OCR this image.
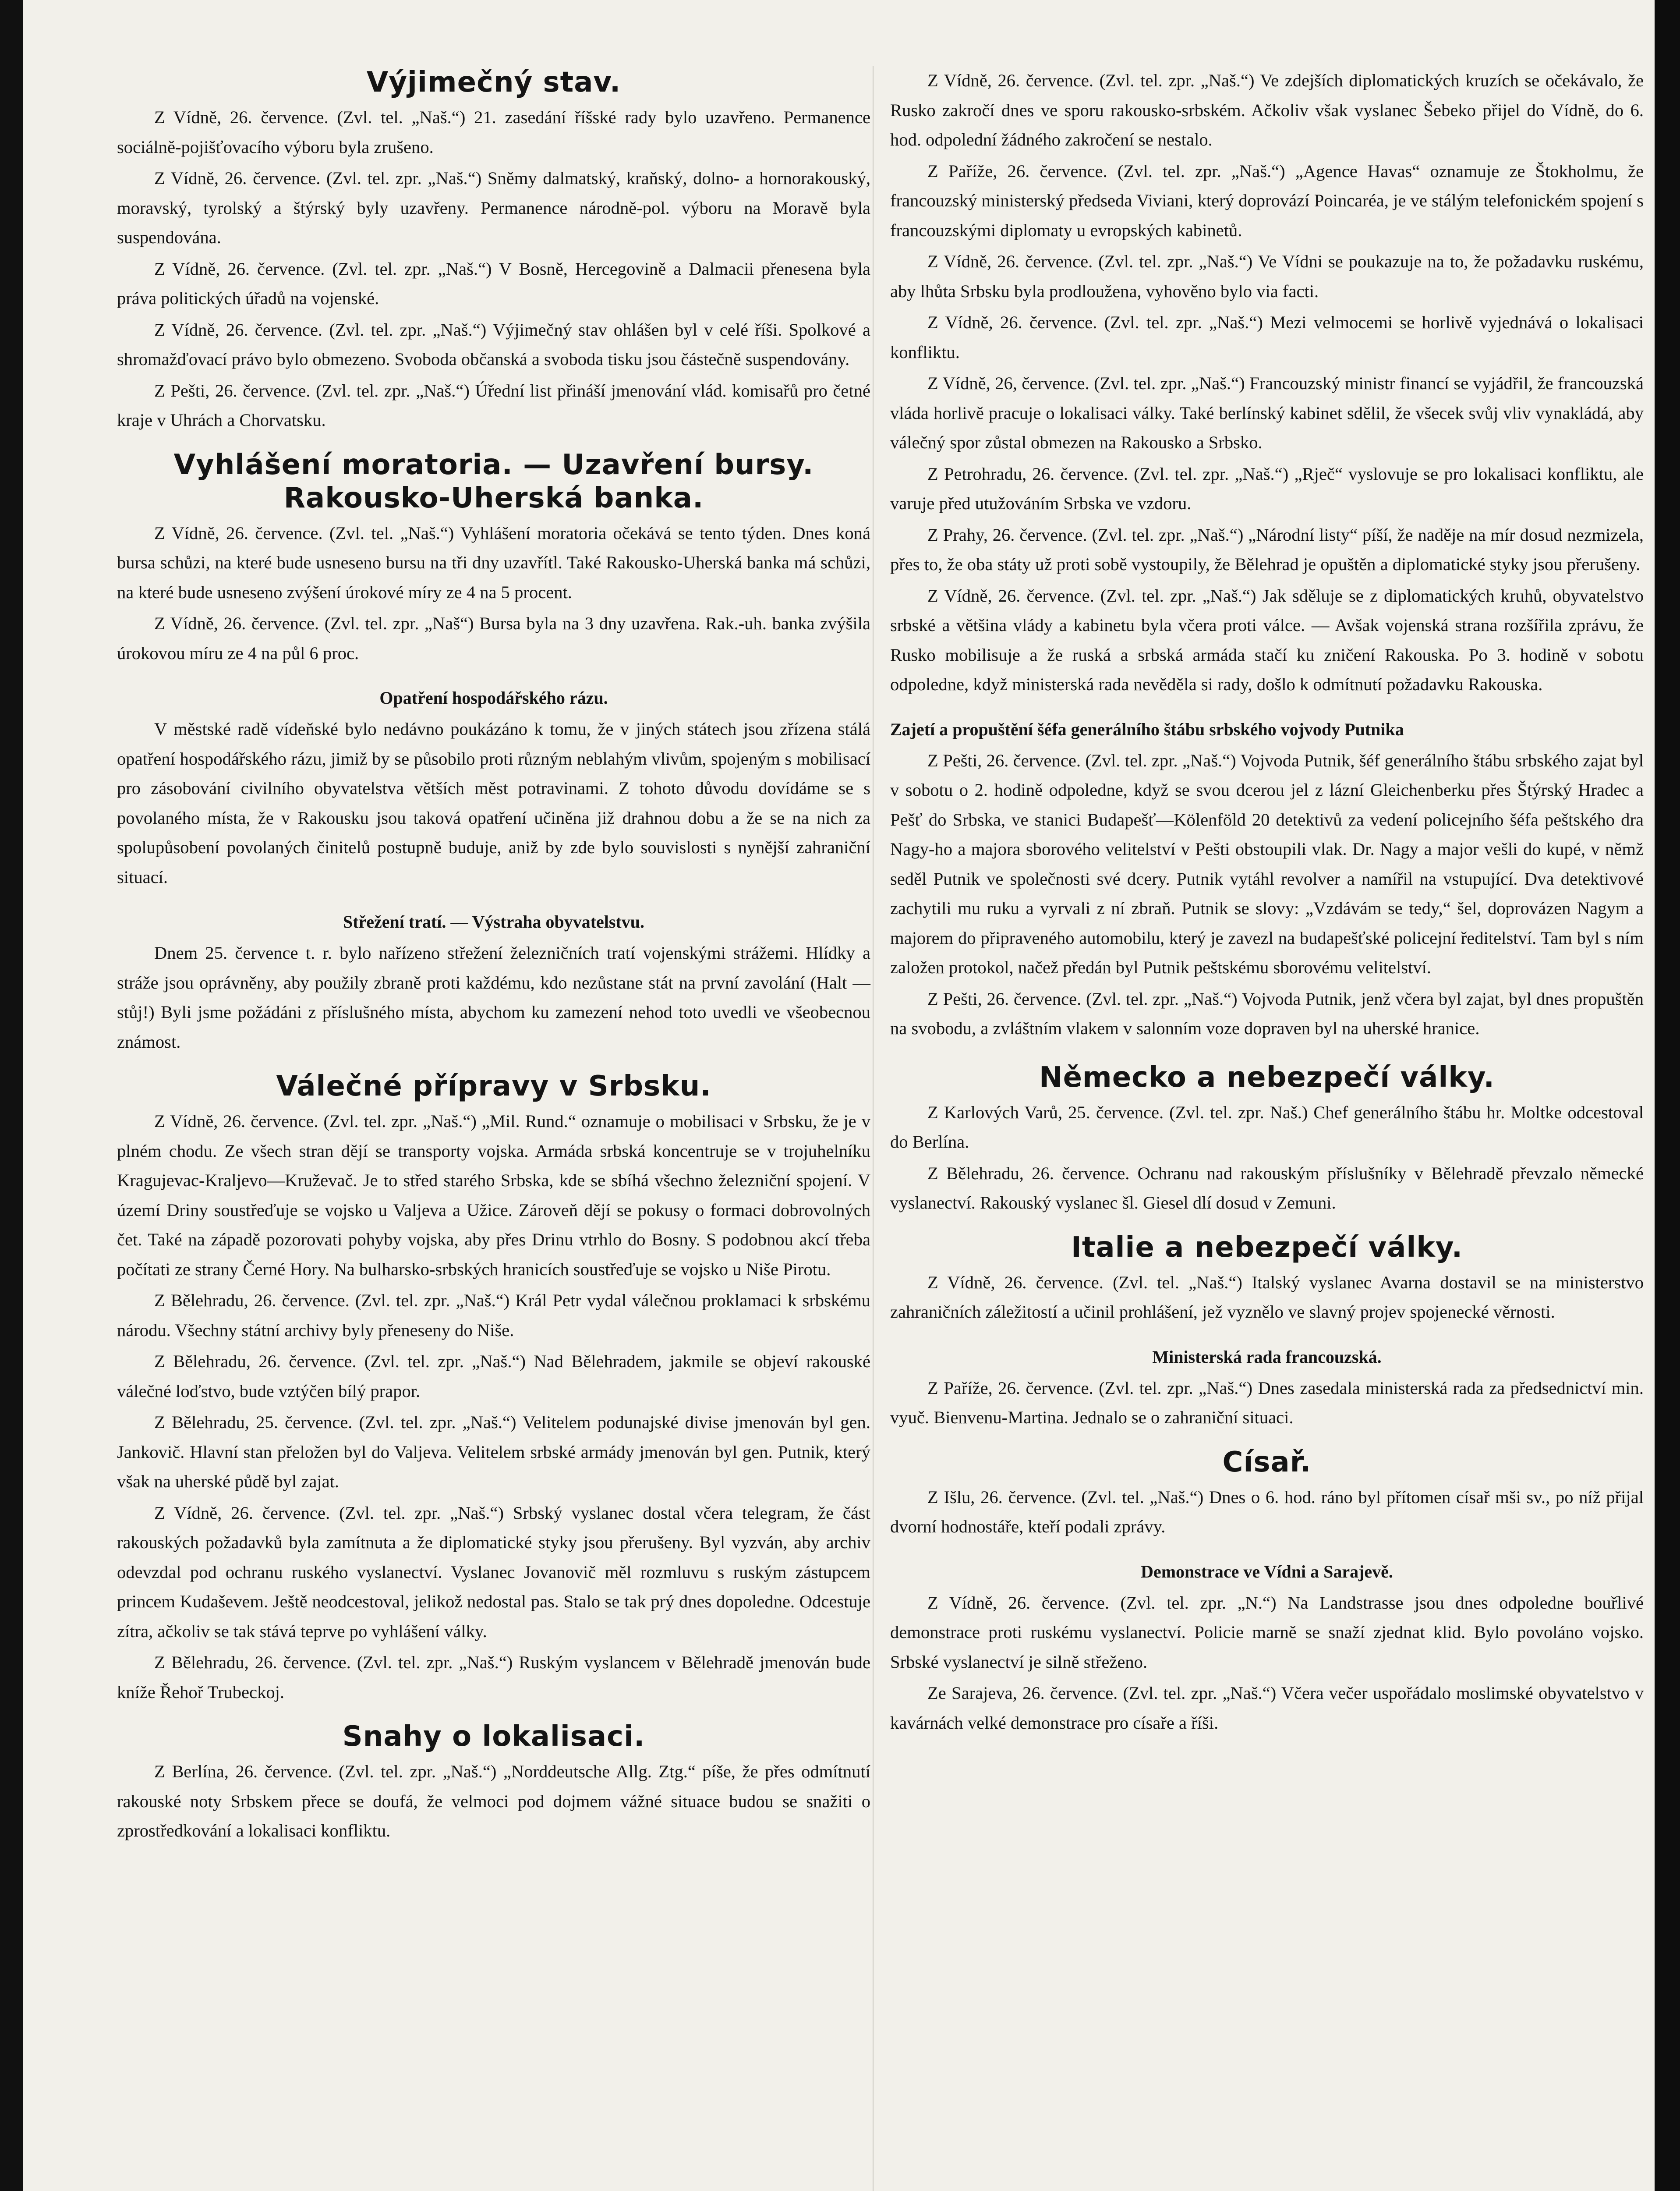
Výjimečný stav.

Z Vídně, 26. července. (Zvl. tel. „Naš.“) 21. zasedání říšské rady bylo uzavřeno. Permanence sociálně-pojišťovacího výboru byla zrušeno.

Z Vídně, 26. července. (Zvl. tel. zpr. „Naš.“) Sněmy dalmatský, kraňský, dolno- a hornorakouský, moravský, tyrolský a štýrský byly uzavřeny. Permanence národně-pol. výboru na Moravě byla suspendována.

Z Vídně, 26. července. (Zvl. tel. zpr. „Naš.“) V Bosně, Hercegovině a Dalmacii přenesena byla práva politických úřadů na vojenské.

Z Vídně, 26. července. (Zvl. tel. zpr. „Naš.“) Výjimečný stav ohlášen byl v celé říši. Spolkové a shromažďovací právo bylo obmezeno. Svoboda občanská a svoboda tisku jsou částečně suspendovány.

Z Pešti, 26. července. (Zvl. tel. zpr. „Naš.“) Úřední list přináší jmenování vlád. komisařů pro četné kraje v Uhrách a Chorvatsku.

Vyhlášení moratoria. — Uzavření bursy.
Rakousko-Uherská banka.

Z Vídně, 26. července. (Zvl. tel. „Naš.“) Vyhlášení moratoria očekává se tento týden. Dnes koná bursa schůzi, na které bude usneseno bursu na tři dny uzavřítl. Také Rakousko-Uherská banka má schůzi, na které bude usneseno zvýšení úrokové míry ze 4 na 5 procent.

Z Vídně, 26. července. (Zvl. tel. zpr. „Naš“) Bursa byla na 3 dny uzavřena. Rak.-uh. banka zvýšila úrokovou míru ze 4 na půl 6 proc.

Opatření hospodářského rázu.

V městské radě vídeňské bylo nedávno poukázáno k tomu, že v jiných státech jsou zřízena stálá opatření hospodářského rázu, jimiž by se působilo proti různým neblahým vlivům, spojeným s mobilisací pro zásobování civilního obyvatelstva větších měst potravinami. Z tohoto důvodu dovídáme se s povolaného místa, že v Rakousku jsou taková opatření učiněna již drahnou dobu a že se na nich za spolupůsobení povolaných činitelů postupně buduje, aniž by zde bylo souvislosti s nynější zahraniční situací.

Střežení tratí. — Výstraha obyvatelstvu.

Dnem 25. července t. r. bylo nařízeno střežení železničních tratí vojenskými strážemi. Hlídky a stráže jsou oprávněny, aby použily zbraně proti každému, kdo nezůstane stát na první zavolání (Halt — stůj!) Byli jsme požádáni z příslušného místa, abychom ku zamezení nehod toto uvedli ve všeobecnou známost.

Válečné přípravy v Srbsku.

Z Vídně, 26. července. (Zvl. tel. zpr. „Naš.“) „Mil. Rund.“ oznamuje o mobilisaci v Srbsku, že je v plném chodu. Ze všech stran dějí se transporty vojska. Armáda srbská koncentruje se v trojuhelníku Kragujevac-Kraljevo—Kruževač. Je to střed starého Srbska, kde se sbíhá všechno železniční spojení. V území Driny soustřeďuje se vojsko u Valjeva a Užice. Zároveň dějí se pokusy o formaci dobrovolných čet. Také na západě pozorovati pohyby vojska, aby přes Drinu vtrhlo do Bosny. S podobnou akcí třeba počítati ze strany Černé Hory. Na bulharsko-srbských hranicích soustřeďuje se vojsko u Niše Pirotu.

Z Bělehradu, 26. července. (Zvl. tel. zpr. „Naš.“) Král Petr vydal válečnou proklamaci k srbskému národu. Všechny státní archivy byly přeneseny do Niše.

Z Bělehradu, 26. července. (Zvl. tel. zpr. „Naš.“) Nad Bělehradem, jakmile se objeví rakouské válečné loďstvo, bude vztýčen bílý prapor.

Z Bělehradu, 25. července. (Zvl. tel. zpr. „Naš.“) Velitelem podunajské divise jmenován byl gen. Jankovič. Hlavní stan přeložen byl do Valjeva. Velitelem srbské armády jmenován byl gen. Putnik, který však na uherské půdě byl zajat.

Z Vídně, 26. července. (Zvl. tel. zpr. „Naš.“) Srbský vyslanec dostal včera telegram, že část rakouských požadavků byla zamítnuta a že diplomatické styky jsou přerušeny. Byl vyzván, aby archiv odevzdal pod ochranu ruského vyslanectví. Vyslanec Jovanovič měl rozmluvu s ruským zástupcem princem Kudaševem. Ještě neodcestoval, jelikož nedostal pas. Stalo se tak prý dnes dopoledne. Odcestuje zítra, ačkoliv se tak stává teprve po vyhlášení války.

Z Bělehradu, 26. července. (Zvl. tel. zpr. „Naš.“) Ruským vyslancem v Bělehradě jmenován bude kníže Řehoř Trubeckoj.

Snahy o lokalisaci.

Z Berlína, 26. července. (Zvl. tel. zpr. „Naš.“) „Norddeutsche Allg. Ztg.“ píše, že přes odmítnutí rakouské noty Srbskem přece se doufá, že velmoci pod dojmem vážné situace budou se snažiti o zprostředkování a lokalisaci konfliktu.

Z Vídně, 26. července. (Zvl. tel. zpr. „Naš.“) Ve zdejších diplomatických kruzích se očekávalo, že Rusko zakročí dnes ve sporu rakousko-srbském. Ačkoliv však vyslanec Šebeko přijel do Vídně, do 6. hod. odpolední žádného zakročení se nestalo.

Z Paříže, 26. července. (Zvl. tel. zpr. „Naš.“) „Agence Havas“ oznamuje ze Štokholmu, že francouzský ministerský předseda Viviani, který doprovází Poincaréa, je ve stálým telefonickém spojení s francouzskými diplomaty u evropských kabinetů.

Z Vídně, 26. července. (Zvl. tel. zpr. „Naš.“) Ve Vídni se poukazuje na to, že požadavku ruskému, aby lhůta Srbsku byla prodloužena, vyhověno bylo via facti.

Z Vídně, 26. července. (Zvl. tel. zpr. „Naš.“) Mezi velmocemi se horlivě vyjednává o lokalisaci konfliktu.

Z Vídně, 26, července. (Zvl. tel. zpr. „Naš.“) Francouzský ministr financí se vyjádřil, že francouzská vláda horlivě pracuje o lokalisaci války. Také berlínský kabinet sdělil, že všecek svůj vliv vynakládá, aby válečný spor zůstal obmezen na Rakousko a Srbsko.

Z Petrohradu, 26. července. (Zvl. tel. zpr. „Naš.“) „Rječ“ vyslovuje se pro lokalisaci konfliktu, ale varuje před utužováním Srbska ve vzdoru.

Z Prahy, 26. července. (Zvl. tel. zpr. „Naš.“) „Národní listy“ píší, že naděje na mír dosud nezmizela, přes to, že oba státy už proti sobě vystoupily, že Bělehrad je opuštěn a diplomatické styky jsou přerušeny.

Z Vídně, 26. července. (Zvl. tel. zpr. „Naš.“) Jak sděluje se z diplomatických kruhů, obyvatelstvo srbské a většina vlády a kabinetu byla včera proti válce. — Avšak vojenská strana rozšířila zprávu, že Rusko mobilisuje a že ruská a srbská armáda stačí ku zničení Rakouska. Po 3. hodině v sobotu odpoledne, když ministerská rada nevěděla si rady, došlo k odmítnutí požadavku Rakouska.

Zajetí a propuštění šéfa generálního štábu srbského vojvody Putnika

Z Pešti, 26. července. (Zvl. tel. zpr. „Naš.“) Vojvoda Putnik, šéf generálního štábu srbského zajat byl v sobotu o 2. hodině odpoledne, když se svou dcerou jel z lázní Gleichenberku přes Štýrský Hradec a Pešť do Srbska, ve stanici Budapešť—Kölenföld 20 detektivů za vedení policejního šéfa peštského dra Nagy-ho a majora sborového velitelství v Pešti obstoupili vlak. Dr. Nagy a major vešli do kupé, v němž seděl Putnik ve společnosti své dcery. Putnik vytáhl revolver a namířil na vstupující. Dva detektivové zachytili mu ruku a vyrvali z ní zbraň. Putnik se slovy: „Vzdávám se tedy,“ šel, doprovázen Nagym a majorem do připraveného automobilu, který je zavezl na budapešťské policejní ředitelství. Tam byl s ním založen protokol, načež předán byl Putnik peštskému sborovému velitelství.

Z Pešti, 26. července. (Zvl. tel. zpr. „Naš.“) Vojvoda Putnik, jenž včera byl zajat, byl dnes propuštěn na svobodu, a zvláštním vlakem v salonním voze dopraven byl na uherské hranice.

Německo a nebezpečí války.

Z Karlových Varů, 25. července. (Zvl. tel. zpr. Naš.) Chef generálního štábu hr. Moltke odcestoval do Berlína.

Z Bělehradu, 26. července. Ochranu nad rakouským příslušníky v Bělehradě převzalo německé vyslanectví. Rakouský vyslanec šl. Giesel dlí dosud v Zemuni.

Italie a nebezpečí války.

Z Vídně, 26. července. (Zvl. tel. „Naš.“) Italský vyslanec Avarna dostavil se na ministerstvo zahraničních záležitostí a učinil prohlášení, jež vyznělo ve slavný projev spojenecké věrnosti.

Ministerská rada francouzská.

Z Paříže, 26. července. (Zvl. tel. zpr. „Naš.“) Dnes zasedala ministerská rada za předsednictví min. vyuč. Bienvenu-Martina. Jednalo se o zahraniční situaci.

Císař.

Z Išlu, 26. července. (Zvl. tel. „Naš.“) Dnes o 6. hod. ráno byl přítomen císař mši sv., po níž přijal dvorní hodnostáře, kteří podali zprávy.

Demonstrace ve Vídni a Sarajevě.

Z Vídně, 26. července. (Zvl. tel. zpr. „N.“) Na Landstrasse jsou dnes odpoledne bouřlivé demonstrace proti ruskému vyslanectví. Policie marně se snaží zjednat klid. Bylo povoláno vojsko. Srbské vyslanectví je silně střeženo.

Ze Sarajeva, 26. července. (Zvl. tel. zpr. „Naš.“) Včera večer uspořádalo moslimské obyvatelstvo v kavárnách velké demonstrace pro císaře a říši.
